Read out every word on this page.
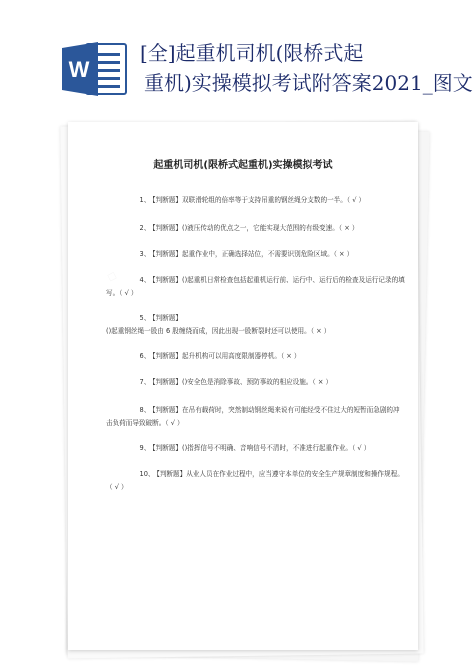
W
[全]起重机司机(限桥式起
重机)实操模拟考试附答案2021_图文
起重机司机(限桥式起重机)实操模拟考试
1、 【判断题】双联滑轮组的倍率等于支持吊重的钢丝绳分支数的一半。（ √ ）
2、 【判断题】()液压传动的优点之一，它能实现大范围的有级变速。（ × ）
3、 【判断题】起重作业中，正确选择站位，不需要识别危险区域。（ × ）
4、 【判断题】()起重机日常检查包括起重机运行前、运行中、运行后的检查及运行记录的填写。（ √ ）
5、 【判断题】()起重钢丝绳一股由 6 股缠绕而成，因此出现一股断裂时还可以使用。（ × ）
6、 【判断题】起升机构可以用高度限制器停机。（ × ）
7、 【判断题】()安全色是消除事故、预防事故的相应设施。（ × ）
8、 【判断题】在吊有载荷时，突然制动钢丝绳来说有可能经受不住过大的短暂而急剧的冲击负荷而导致破断。（ √ ）
9、 【判断题】()指挥信号不明确、音响信号不清时，不准进行起重作业。（ √ ）
10、 【判断题】从业人员在作业过程中，应当遵守本单位的安全生产规章制度和操作规程。（ √ ）
